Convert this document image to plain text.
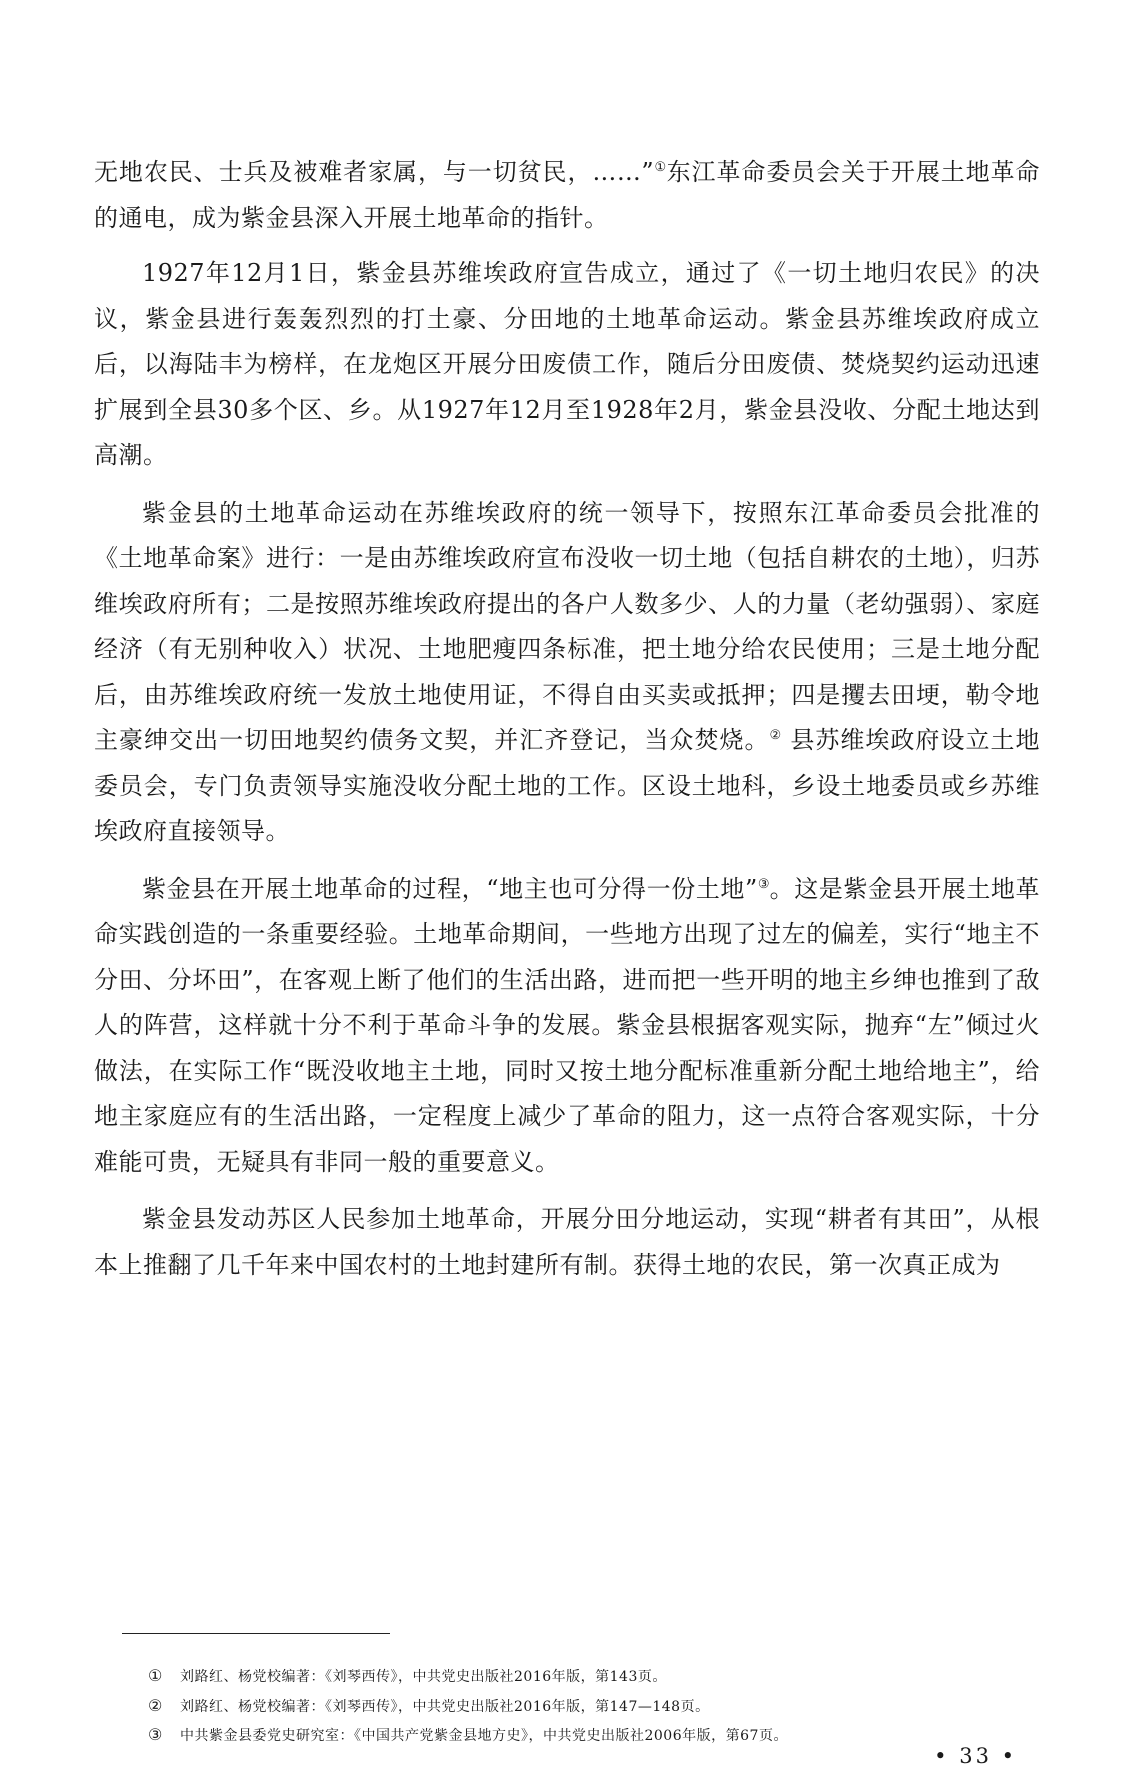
无地农民、士兵及被难者家属，与一切贫民，……”①东江革命委员会关于开展土地革命的通电，成为紫金县深入开展土地革命的指针。

1927年12月1日，紫金县苏维埃政府宣告成立，通过了《一切土地归农民》的决议，紫金县进行轰轰烈烈的打土豪、分田地的土地革命运动。紫金县苏维埃政府成立后，以海陆丰为榜样，在龙炮区开展分田废债工作，随后分田废债、焚烧契约运动迅速扩展到全县30多个区、乡。从1927年12月至1928年2月，紫金县没收、分配土地达到高潮。

紫金县的土地革命运动在苏维埃政府的统一领导下，按照东江革命委员会批准的《土地革命案》进行：一是由苏维埃政府宣布没收一切土地（包括自耕农的土地），归苏维埃政府所有；二是按照苏维埃政府提出的各户人数多少、人的力量（老幼强弱）、家庭经济（有无别种收入）状况、土地肥瘦四条标准，把土地分给农民使用；三是土地分配后，由苏维埃政府统一发放土地使用证，不得自由买卖或抵押；四是攫去田埂，勒令地主豪绅交出一切田地契约债务文契，并汇齐登记，当众焚烧。② 县苏维埃政府设立土地委员会，专门负责领导实施没收分配土地的工作。区设土地科，乡设土地委员或乡苏维埃政府直接领导。

紫金县在开展土地革命的过程，“地主也可分得一份土地”③。这是紫金县开展土地革命实践创造的一条重要经验。土地革命期间，一些地方出现了过左的偏差，实行“地主不分田、分坏田”，在客观上断了他们的生活出路，进而把一些开明的地主乡绅也推到了敌人的阵营，这样就十分不利于革命斗争的发展。紫金县根据客观实际，抛弃“左”倾过火做法，在实际工作“既没收地主土地，同时又按土地分配标准重新分配土地给地主”，给地主家庭应有的生活出路，一定程度上减少了革命的阻力，这一点符合客观实际，十分难能可贵，无疑具有非同一般的重要意义。

紫金县发动苏区人民参加土地革命，开展分田分地运动，实现“耕者有其田”，从根本上推翻了几千年来中国农村的土地封建所有制。获得土地的农民，第一次真正成为

① 刘路红、杨党校编著：《刘琴西传》，中共党史出版社2016年版，第143页。
② 刘路红、杨党校编著：《刘琴西传》，中共党史出版社2016年版，第147—148页。
③ 中共紫金县委党史研究室：《中国共产党紫金县地方史》，中共党史出版社2006年版，第67页。
• 33 •
